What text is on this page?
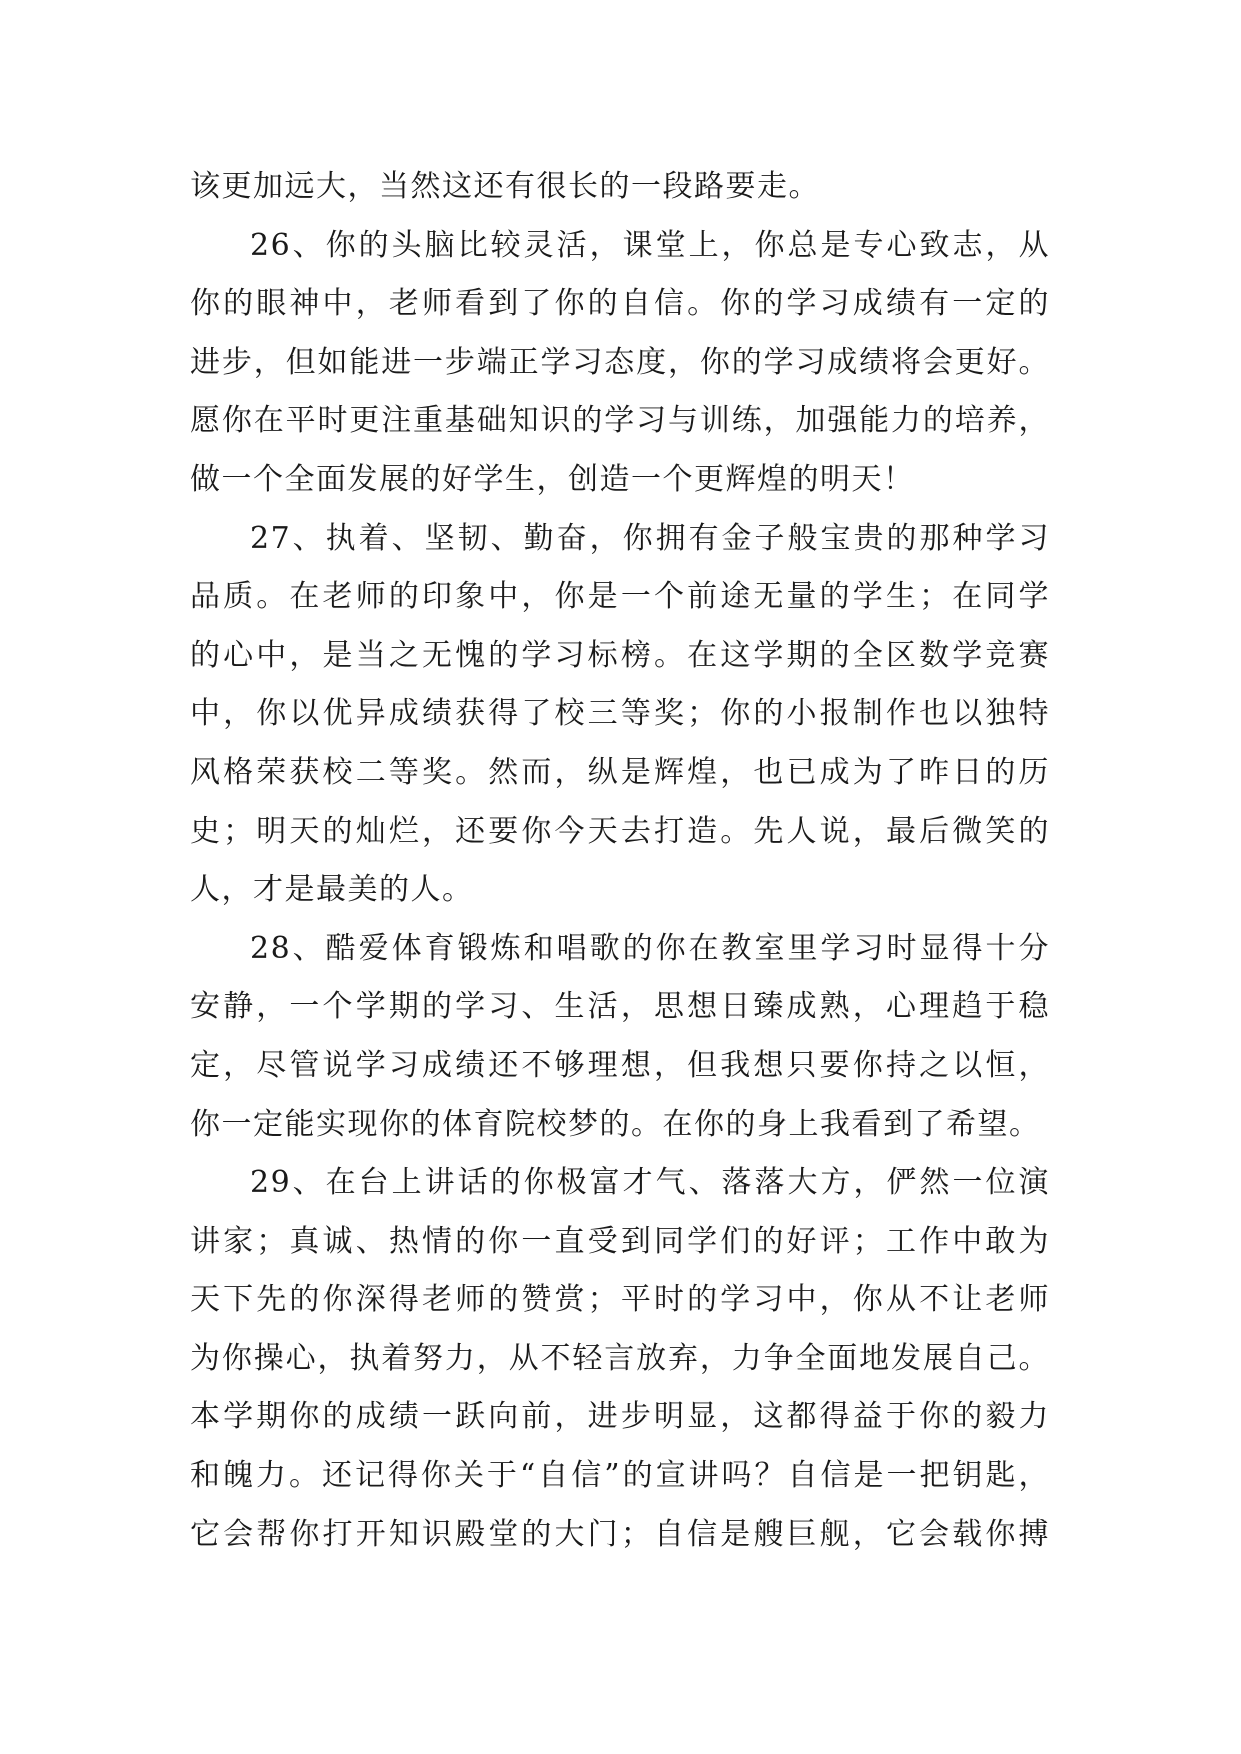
该更加远大，当然这还有很长的一段路要走。
26、你的头脑比较灵活，课堂上，你总是专心致志，从
你的眼神中，老师看到了你的自信。你的学习成绩有一定的
进步，但如能进一步端正学习态度，你的学习成绩将会更好。
愿你在平时更注重基础知识的学习与训练，加强能力的培养，
做一个全面发展的好学生，创造一个更辉煌的明天！
27、执着、坚韧、勤奋，你拥有金子般宝贵的那种学习
品质。在老师的印象中，你是一个前途无量的学生；在同学
的心中，是当之无愧的学习标榜。在这学期的全区数学竞赛
中，你以优异成绩获得了校三等奖；你的小报制作也以独特
风格荣获校二等奖。然而，纵是辉煌，也已成为了昨日的历
史；明天的灿烂，还要你今天去打造。先人说，最后微笑的
人，才是最美的人。
28、酷爱体育锻炼和唱歌的你在教室里学习时显得十分
安静，一个学期的学习、生活，思想日臻成熟，心理趋于稳
定，尽管说学习成绩还不够理想，但我想只要你持之以恒，
你一定能实现你的体育院校梦的。在你的身上我看到了希望。
29、在台上讲话的你极富才气、落落大方，俨然一位演
讲家；真诚、热情的你一直受到同学们的好评；工作中敢为
天下先的你深得老师的赞赏；平时的学习中，你从不让老师
为你操心，执着努力，从不轻言放弃，力争全面地发展自己。
本学期你的成绩一跃向前，进步明显，这都得益于你的毅力
和魄力。还记得你关于“自信”的宣讲吗？自信是一把钥匙，
它会帮你打开知识殿堂的大门；自信是艘巨舰，它会载你搏
